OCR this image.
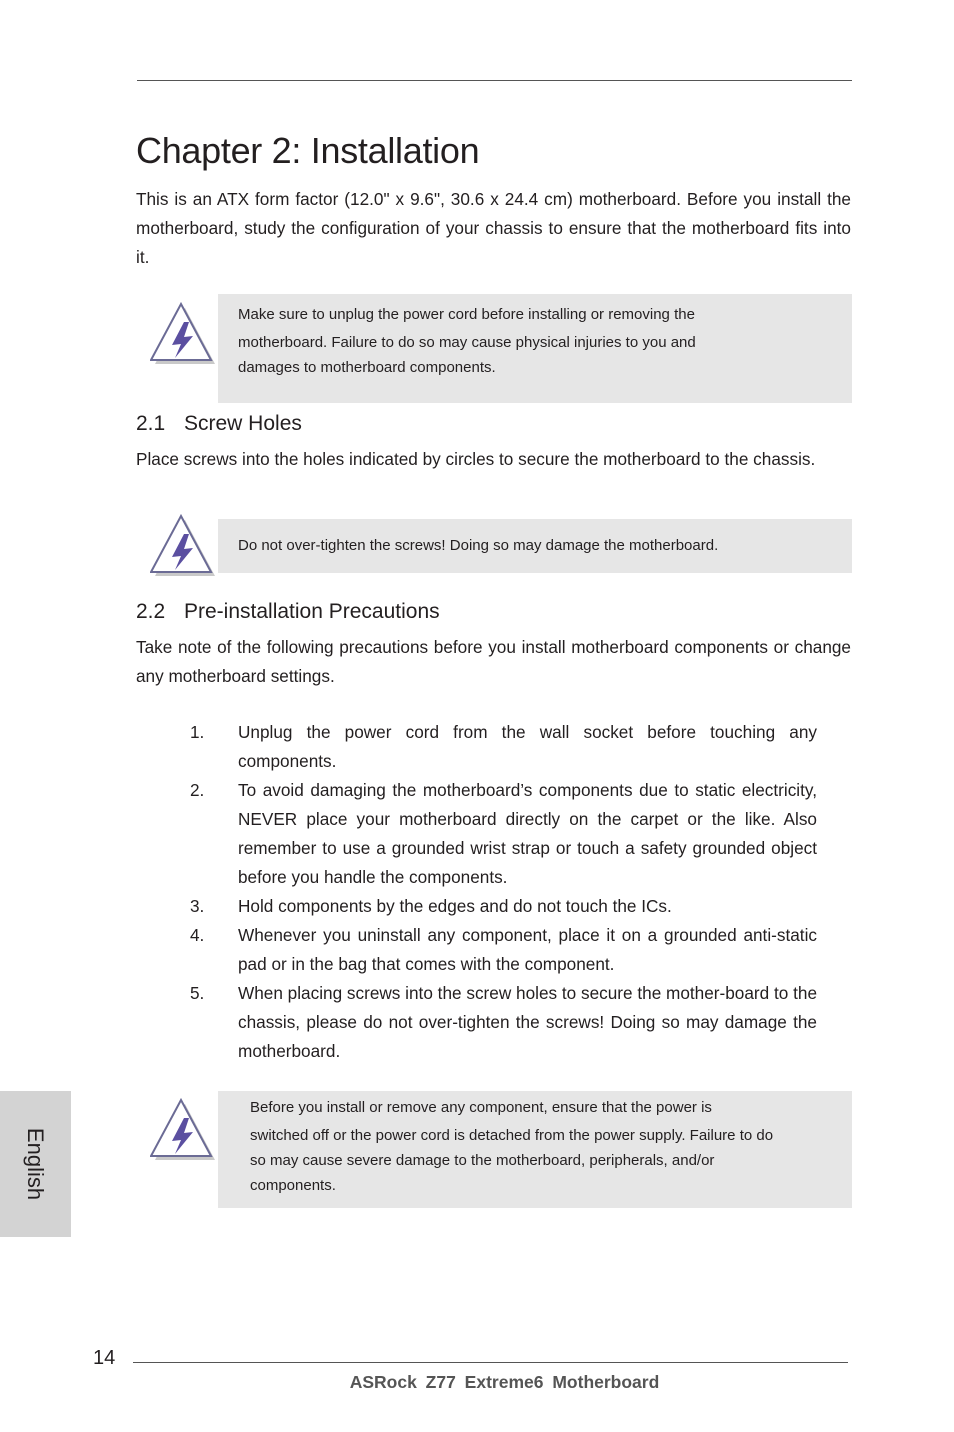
Chapter 2: Installation

This is an ATX form factor (12.0" x 9.6", 30.6 x 24.4 cm) motherboard. Before you install the motherboard, study the configuration of your chassis to ensure that the motherboard fits into it.

Make sure to unplug the power cord before installing or removing the

motherboard. Failure to do so may cause physical injuries to you and

damages to motherboard components.

2.1 Screw Holes

Place screws into the holes indicated by circles to secure the motherboard to the chassis.

Do not over-tighten the screws! Doing so may damage the motherboard.

2.2 Pre-installation Precautions

Take note of the following precautions before you install motherboard components or change any motherboard settings.

1. Unplug the power cord from the wall socket before touching any components.
2. To avoid damaging the motherboard’s components due to static electricity, NEVER place your motherboard directly on the carpet or the like. Also remember to use a grounded wrist strap or touch a safety grounded object before you handle the components.
3. Hold components by the edges and do not touch the ICs.
4. Whenever you uninstall any component, place it on a grounded anti-static pad or in the bag that comes with the component.
5. When placing screws into the screw holes to secure the mother-board to the chassis, please do not over-tighten the screws! Doing so may damage the motherboard.

Before you install or remove any component, ensure that the power is

switched off or the power cord is detached from the power supply. Failure to do

so may cause severe damage to the motherboard, peripherals, and/or

components.

English
14
ASRock Z77 Extreme6 Motherboard
